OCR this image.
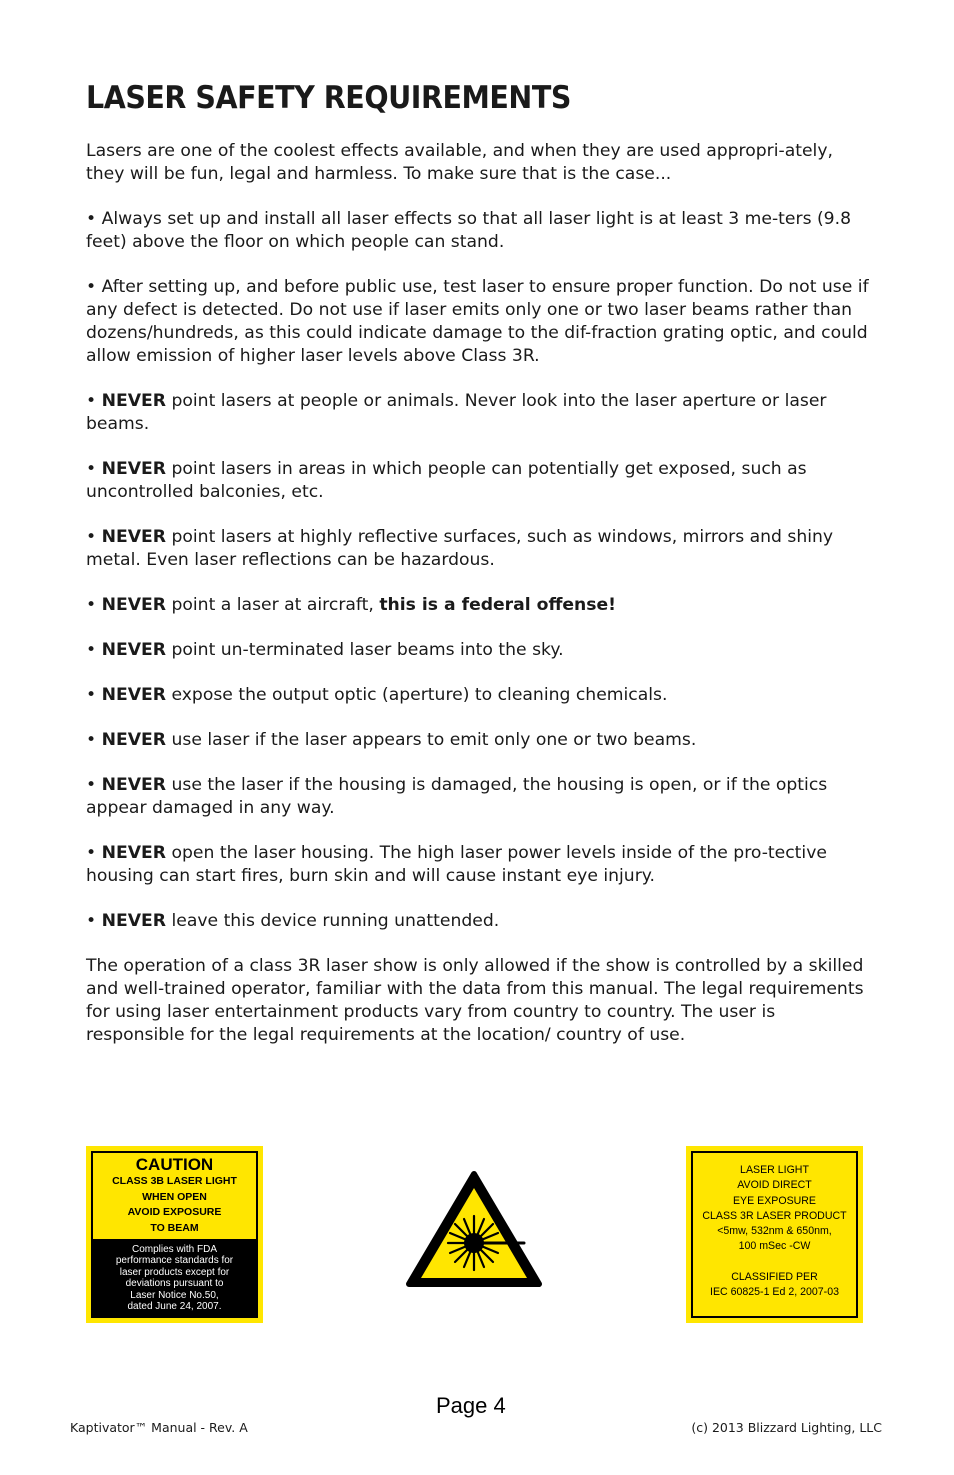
LASER SAFETY REQUIREMENTS

Lasers are one of the coolest effects available, and when they are used appropri-ately, they will be fun, legal and harmless. To make sure that is the case...

• Always set up and install all laser effects so that all laser light is at least 3 me-ters (9.8 feet) above the floor on which people can stand.

• After setting up, and before public use, test laser to ensure proper function. Do not use if any defect is detected. Do not use if laser emits only one or two laser beams rather than dozens/hundreds, as this could indicate damage to the dif-fraction grating optic, and could allow emission of higher laser levels above Class 3R.

• NEVER point lasers at people or animals. Never look into the laser aperture or laser beams.

• NEVER point lasers in areas in which people can potentially get exposed, such as uncontrolled balconies, etc.

• NEVER point lasers at highly reflective surfaces, such as windows, mirrors and shiny metal. Even laser reflections can be hazardous.

• NEVER point a laser at aircraft, this is a federal offense!

• NEVER point un-terminated laser beams into the sky.

• NEVER expose the output optic (aperture) to cleaning chemicals.

• NEVER use laser if the laser appears to emit only one or two beams.

• NEVER use the laser if the housing is damaged, the housing is open, or if the optics appear damaged in any way.

• NEVER open the laser housing. The high laser power levels inside of the pro-tective housing can start fires, burn skin and will cause instant eye injury.

• NEVER leave this device running unattended.

The operation of a class 3R laser show is only allowed if the show is controlled by a skilled and well-trained operator, familiar with the data from this manual. The legal requirements for using laser entertainment products vary from country to country. The user is responsible for the legal requirements at the location/ country of use.

CAUTION
CLASS 3B LASER LIGHT
WHEN OPEN
AVOID EXPOSURE
TO BEAM
Complies with FDA
performance standards for
laser products except for
deviations pursuant to
Laser Notice No.50,
dated June 24, 2007.
LASER LIGHT
AVOID DIRECT
EYE EXPOSURE
CLASS 3R LASER PRODUCT
<5mw, 532nm & 650nm,
100 mSec -CW
CLASSIFIED PER
IEC 60825-1 Ed 2, 2007-03
Page 4
Kaptivator™ Manual - Rev. A	(c) 2013 Blizzard Lighting, LLC
